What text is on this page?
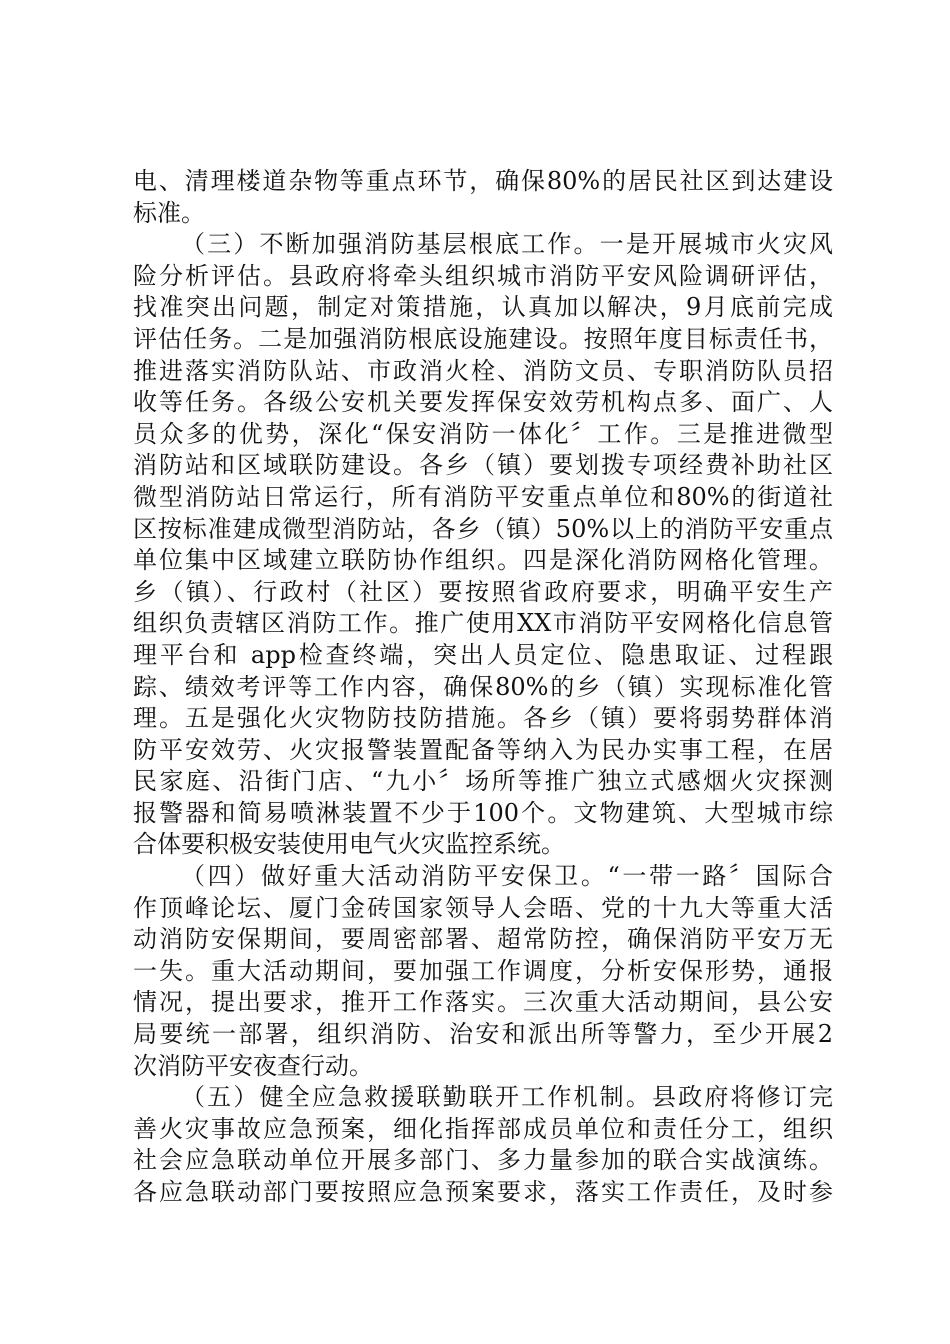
电、清理楼道杂物等重点环节，确保80%的居民社区到达建设
标准。
（三）不断加强消防基层根底工作。一是开展城市火灾风
险分析评估。县政府将牵头组织城市消防平安风险调研评估，
找准突出问题，制定对策措施，认真加以解决，9月底前完成
评估任务。二是加强消防根底设施建设。按照年度目标责任书，
推进落实消防队站、市政消火栓、消防文员、专职消防队员招
收等任务。各级公安机关要发挥保安效劳机构点多、面广、人
员众多的优势，深化“保安消防一体化〞工作。三是推进微型
消防站和区域联防建设。各乡（镇）要划拨专项经费补助社区
微型消防站日常运行，所有消防平安重点单位和80%的街道社
区按标准建成微型消防站，各乡（镇）50%以上的消防平安重点
单位集中区域建立联防协作组织。四是深化消防网格化管理。
乡（镇）、行政村（社区）要按照省政府要求，明确平安生产
组织负责辖区消防工作。推广使用XX市消防平安网格化信息管
理平台和 app检查终端，突出人员定位、隐患取证、过程跟
踪、绩效考评等工作内容，确保80%的乡（镇）实现标准化管
理。五是强化火灾物防技防措施。各乡（镇）要将弱势群体消
防平安效劳、火灾报警装置配备等纳入为民办实事工程，在居
民家庭、沿街门店、“九小〞场所等推广独立式感烟火灾探测
报警器和简易喷淋装置不少于100个。文物建筑、大型城市综
合体要积极安装使用电气火灾监控系统。
（四）做好重大活动消防平安保卫。“一带一路〞国际合
作顶峰论坛、厦门金砖国家领导人会晤、党的十九大等重大活
动消防安保期间，要周密部署、超常防控，确保消防平安万无
一失。重大活动期间，要加强工作调度，分析安保形势，通报
情况，提出要求，推开工作落实。三次重大活动期间，县公安
局要统一部署，组织消防、治安和派出所等警力，至少开展2
次消防平安夜查行动。
（五）健全应急救援联勤联开工作机制。县政府将修订完
善火灾事故应急预案，细化指挥部成员单位和责任分工，组织
社会应急联动单位开展多部门、多力量参加的联合实战演练。
各应急联动部门要按照应急预案要求，落实工作责任，及时参
